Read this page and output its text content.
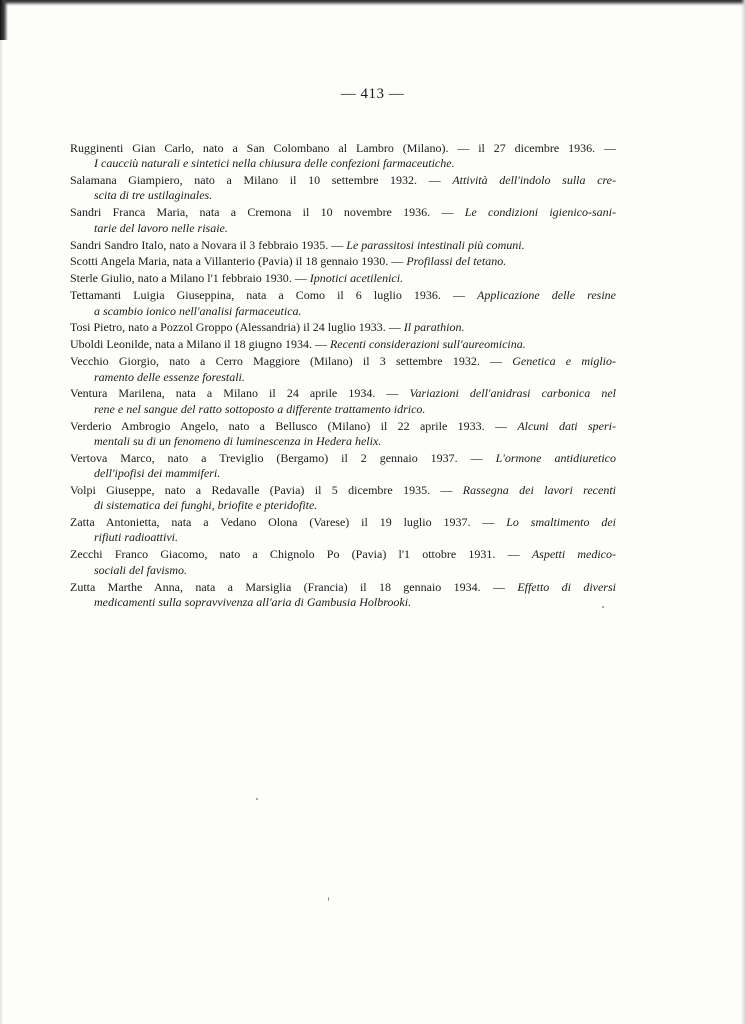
— 413 —
Rugginenti Gian Carlo, nato a San Colombano al Lambro (Milano). — il 27 dicembre 1936. —
I caucciù naturali e sintetici nella chiusura delle confezioni farmaceutiche.
Salamana Giampiero, nato a Milano il 10 settembre 1932. — Attività dell'indolo sulla cre-
scita di tre ustilaginales.
Sandri Franca Maria, nata a Cremona il 10 novembre 1936. — Le condizioni igienico-sani-
tarie del lavoro nelle risaie.
Sandri Sandro Italo, nato a Novara il 3 febbraio 1935. — Le parassitosi intestinali più comuni.
Scotti Angela Maria, nata a Villanterio (Pavia) il 18 gennaio 1930. — Profilassi del tetano.
Sterle Giulio, nato a Milano l'1 febbraio 1930. — Ipnotici acetilenici.
Tettamanti Luigia Giuseppina, nata a Como il 6 luglio 1936. — Applicazione delle resine
a scambio ionico nell'analisi farmaceutica.
Tosi Pietro, nato a Pozzol Groppo (Alessandria) il 24 luglio 1933. — Il parathion.
Uboldi Leonilde, nata a Milano il 18 giugno 1934. — Recenti considerazioni sull'aureomicina.
Vecchio Giorgio, nato a Cerro Maggiore (Milano) il 3 settembre 1932. — Genetica e miglio-
ramento delle essenze forestali.
Ventura Marilena, nata a Milano il 24 aprile 1934. — Variazioni dell'anidrasi carbonica nel
rene e nel sangue del ratto sottoposto a differente trattamento idrico.
Verderio Ambrogio Angelo, nato a Bellusco (Milano) il 22 aprile 1933. — Alcuni dati speri-
mentali su di un fenomeno di luminescenza in Hedera helix.
Vertova Marco, nato a Treviglio (Bergamo) il 2 gennaio 1937. — L'ormone antidiuretico
dell'ipofisi dei mammiferi.
Volpi Giuseppe, nato a Redavalle (Pavia) il 5 dicembre 1935. — Rassegna dei lavori recenti
di sistematica dei funghi, briofite e pteridofite.
Zatta Antonietta, nata a Vedano Olona (Varese) il 19 luglio 1937. — Lo smaltimento dei
rifiuti radioattivi.
Zecchi Franco Giacomo, nato a Chignolo Po (Pavia) l'1 ottobre 1931. — Aspetti medico-
sociali del favismo.
Zutta Marthe Anna, nata a Marsiglia (Francia) il 18 gennaio 1934. — Effetto di diversi
medicamenti sulla sopravvivenza all'aria di Gambusia Holbrooki.
